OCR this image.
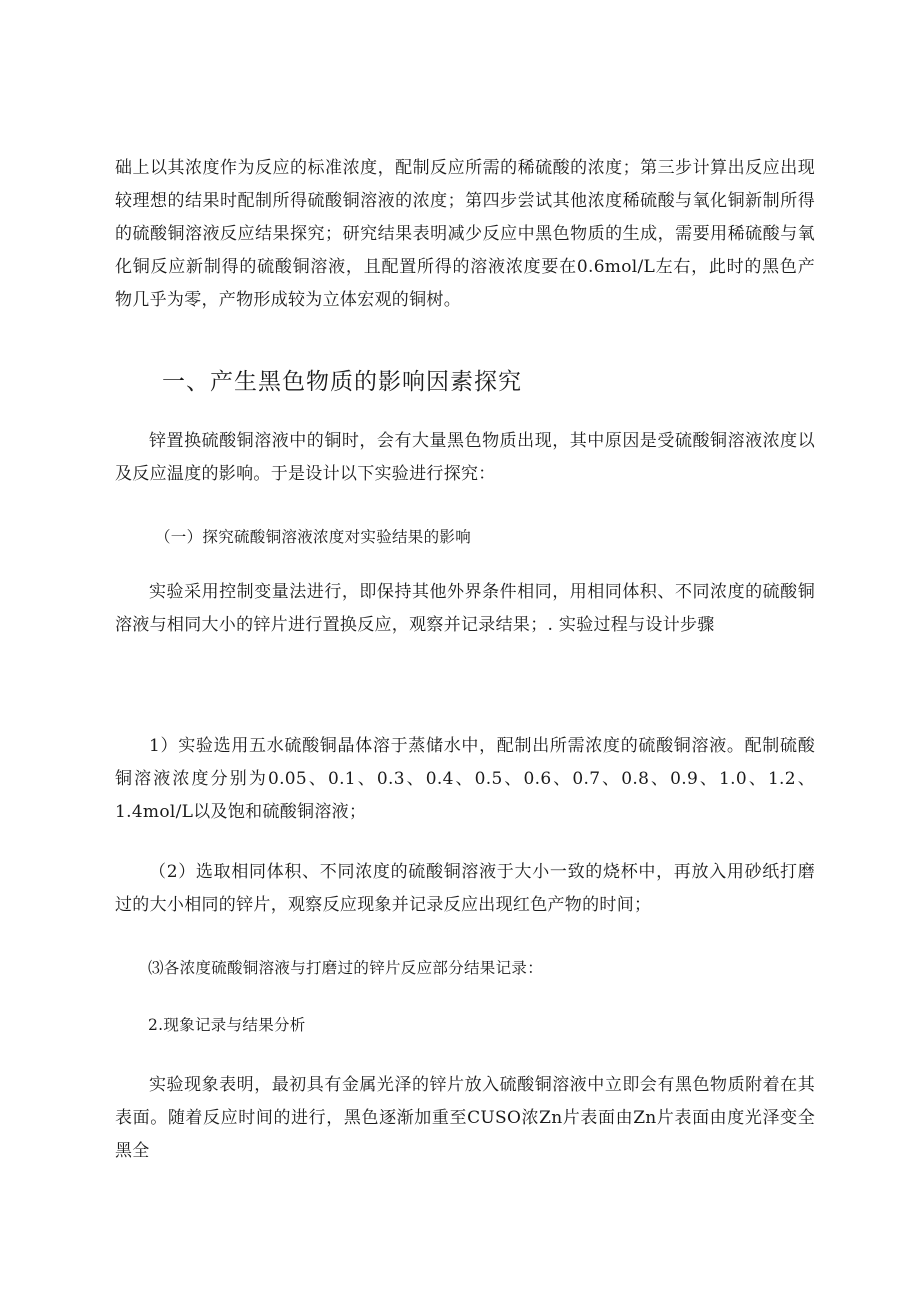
础上以其浓度作为反应的标准浓度，配制反应所需的稀硫酸的浓度；第三步计算出反应出现较理想的结果时配制所得硫酸铜溶液的浓度；第四步尝试其他浓度稀硫酸与氧化铜新制所得的硫酸铜溶液反应结果探究；研究结果表明减少反应中黑色物质的生成，需要用稀硫酸与氧化铜反应新制得的硫酸铜溶液，且配置所得的溶液浓度要在0.6mol/L左右，此时的黑色产物几乎为零，产物形成较为立体宏观的铜树。

一、产生黑色物质的影响因素探究

锌置换硫酸铜溶液中的铜时，会有大量黑色物质出现，其中原因是受硫酸铜溶液浓度以及反应温度的影响。于是设计以下实验进行探究：

（一）探究硫酸铜溶液浓度对实验结果的影响

实验采用控制变量法进行，即保持其他外界条件相同，用相同体积、不同浓度的硫酸铜溶液与相同大小的锌片进行置换反应，观察并记录结果；. 实验过程与设计步骤

1）实验选用五水硫酸铜晶体溶于蒸储水中，配制出所需浓度的硫酸铜溶液。配制硫酸铜溶液浓度分别为0.05、0.1、0.3、0.4、0.5、0.6、0.7、0.8、0.9、1.0、1.2、1.4mol/L以及饱和硫酸铜溶液；

（2）选取相同体积、不同浓度的硫酸铜溶液于大小一致的烧杯中，再放入用砂纸打磨过的大小相同的锌片，观察反应现象并记录反应出现红色产物的时间；

⑶各浓度硫酸铜溶液与打磨过的锌片反应部分结果记录：

2.现象记录与结果分析

实验现象表明，最初具有金属光泽的锌片放入硫酸铜溶液中立即会有黑色物质附着在其表面。随着反应时间的进行，黑色逐渐加重至CUSO浓Zn片表面由Zn片表面由度光泽变全黑全
